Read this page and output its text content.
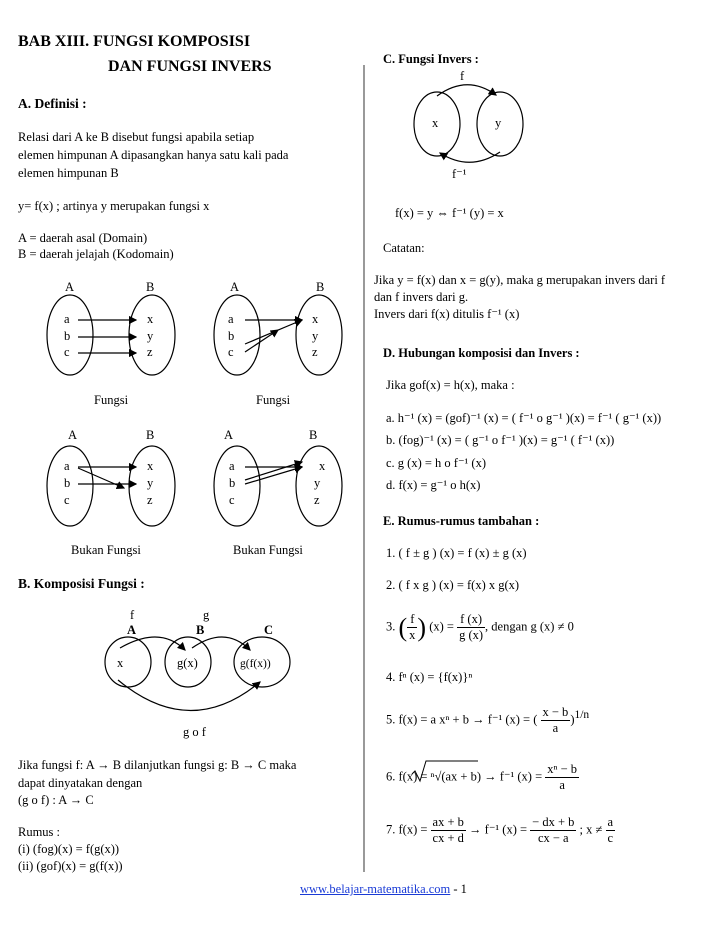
BAB XIII. FUNGSI KOMPOSISI
DAN FUNGSI INVERS
A. Definisi :
Relasi dari A ke B disebut fungsi apabila setiap
elemen himpunan A dipasangkan hanya satu kali pada
elemen himpunan B
y= f(x) ; artinya y merupakan fungsi x
A = daerah asal (Domain)
B = daerah jelajah (Kodomain)
A	B
a
b
c
x
y
z
Fungsi
A	B
a
b
c
x
y
z
Fungsi
A	B
a
b
c
x
y
z
Bukan Fungsi
A	B
a
b
c
x
y
z
Bukan Fungsi
B. Komposisi Fungsi :
f	g
A	B	C
x	g(x)	g(f(x))
g o f
Jika fungsi f: A → B dilanjutkan fungsi g: B → C maka
dapat dinyatakan dengan
(g o f) : A → C
Rumus :
(i) (fog)(x) = f(g(x))
(ii) (gof)(x) = g(f(x))
C. Fungsi Invers :
f
x	y
f⁻¹
f(x) = y ⇔ f⁻¹ (y) = x
Catatan:
Jika y = f(x) dan x = g(y), maka g merupakan invers dari f
dan f invers dari g.
Invers dari f(x) ditulis f⁻¹ (x)
D. Hubungan komposisi dan Invers :
Jika gof(x) = h(x), maka :
a. h⁻¹ (x) = (gof)⁻¹ (x) = ( f⁻¹ o g⁻¹ )(x) = f⁻¹ ( g⁻¹ (x))
b. (fog)⁻¹ (x) = ( g⁻¹ o f⁻¹ )(x) = g⁻¹ ( f⁻¹ (x))
c. g (x) = h o f⁻¹ (x)
d. f(x) = g⁻¹ o h(x)
E. Rumus-rumus tambahan :
1. ( f ± g ) (x) = f (x) ± g (x)
2. ( f x g ) (x) = f(x) x g(x)
3. ( $\frac{f}{x}$ ) $(x) = \frac{f (x)}{g (x)}$ , dengan g (x) ≠ 0
4. fⁿ (x) = {f(x)}ⁿ
5. f(x) = a xⁿ + b → f⁻¹ (x) = ( $\frac{x - b}{a} )^{1/n}$
6. f(x) = ⁿ√(ax + b) → f⁻¹ $(x) = \frac{\text{xⁿ − b}}{a}$
7. $f(x) = \frac{ax + b}{cx + d} \to f^{-1}$ $(x) = \frac{- dx + b}{cx - a}$ ; $x \ne \frac{a}{c}$
www.belajar-matematika.com - 1
